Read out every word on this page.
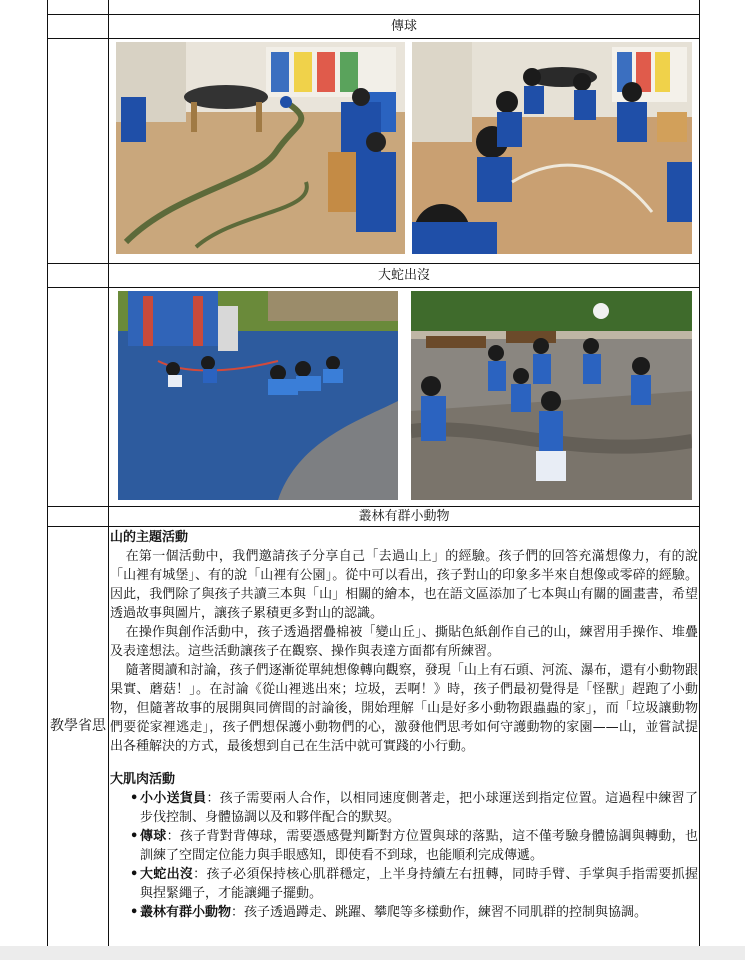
傳球
大蛇出沒
叢林有群小動物
教學省思
山的主題活動

在第一個活動中，我們邀請孩子分享自己「去過山上」的經驗。孩子們的回答充滿想像力，有的說「山裡有城堡」、有的說「山裡有公園」。從中可以看出，孩子對山的印象多半來自想像或零碎的經驗。因此，我們除了與孩子共讀三本與「山」相關的繪本，也在語文區添加了七本與山有關的圖畫書，希望透過故事與圖片，讓孩子累積更多對山的認識。

在操作與創作活動中，孩子透過摺疊棉被「變山丘」、撕貼色紙創作自己的山，練習用手操作、堆疊及表達想法。這些活動讓孩子在觀察、操作與表達方面都有所練習。

隨著閱讀和討論，孩子們逐漸從單純想像轉向觀察，發現「山上有石頭、河流、瀑布，還有小動物跟果實、蘑菇！」。在討論《從山裡逃出來；垃圾，丟啊！》時，孩子們最初覺得是「怪獸」趕跑了小動物，但隨著故事的展開與同儕間的討論後，開始理解「山是好多小動物跟蟲蟲的家」，而「垃圾讓動物們要從家裡逃走」，孩子們想保護小動物們的心，激發他們思考如何守護動物的家園——山，並嘗試提出各種解決的方式，最後想到自己在生活中就可實踐的小行動。

大肌肉活動
• 小小送貨員：孩子需要兩人合作，以相同速度側著走，把小球運送到指定位置。這過程中練習了步伐控制、身體協調以及和夥伴配合的默契。
• 傳球：孩子背對背傳球，需要憑感覺判斷對方位置與球的落點，這不僅考驗身體協調與轉動，也訓練了空間定位能力與手眼感知，即使看不到球，也能順利完成傳遞。
• 大蛇出沒：孩子必須保持核心肌群穩定，上半身持續左右扭轉，同時手臂、手掌與手指需要抓握與捏緊繩子，才能讓繩子擺動。
• 叢林有群小動物：孩子透過蹲走、跳躍、攀爬等多樣動作，練習不同肌群的控制與協調。
